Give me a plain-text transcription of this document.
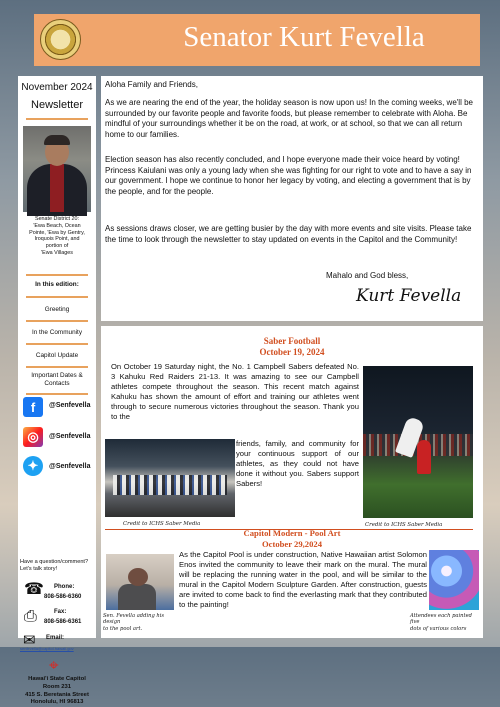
Senator Kurt Fevella
November 2024
Newsletter
Senate District 20:
'Ewa Beach, Ocean
Pointe, 'Ewa by Gentry,
Iroquois Point, and
portion of
'Ewa Villages
In this edition:
Greeting
In the Community
Capitol Update
Important Dates &
Contacts
f	@Senfevella
◎	@Senfevella
✦	@Senfevella
Have a question/comment?
Let's talk story!
☎ Phone:
808-586-6360
⎙	Fax:
808-586-6361
✉ Email:
senfevella@capitol.hawaii.gov
⌖
Hawai'i State Capitol
Room 231
415 S. Beretania Street
Honolulu, HI 96813

Aloha Family and Friends,

As we are nearing the end of the year, the holiday season is now upon us! In the coming weeks, we'll be surrounded by our favorite people and favorite foods, but please remember to celebrate with Aloha. Be mindful of your surroundings whether it be on the road, at work, or at school, so that we can all return home to our families.

Election season has also recently concluded, and I hope everyone made their voice heard by voting! Princess Kaiulani was only a young lady when she was fighting for our right to vote and to have a say in our government. I hope we continue to honor her legacy by voting, and electing a government that is by the people, and for the people.

As sessions draws closer, we are getting busier by the day with more events and site visits. Please take the time to look through the newsletter to stay updated on events in the Capitol and the Community!

Mahalo and God bless,
Kurt Fevella
Saber Football
October 19, 2024
On October 19 Saturday night, the No. 1 Campbell Sabers defeated No. 3 Kahuku Red Raiders 21-13. It was amazing to see our Campbell athletes compete throughout the season. This recent match against Kahuku has shown the amount of effort and training our athletes went through to secure numerous victories throughout the season. Thank you to the
friends, family, and community for your continuous support of our athletes, as they could not have done it without you. Sabers support Sabers!
Credit to ICHS Saber Media	Credit to ICHS Saber Media
Capitol Modern - Pool Art
October 29,2024
As the Capitol Pool is under construction, Native Hawaiian artist Solomon Enos invited the community to leave their mark on the mural. The mural will be replacing the running water in the pool, and will be similar to the mural in the Capitol Modern Sculpture Garden. After construction, guests are invited to come back to find the everlasting mark that they contributed to the painting!
Sen. Fevella adding his design
to the pool art.
Attendees each painted five
dots of various colors
